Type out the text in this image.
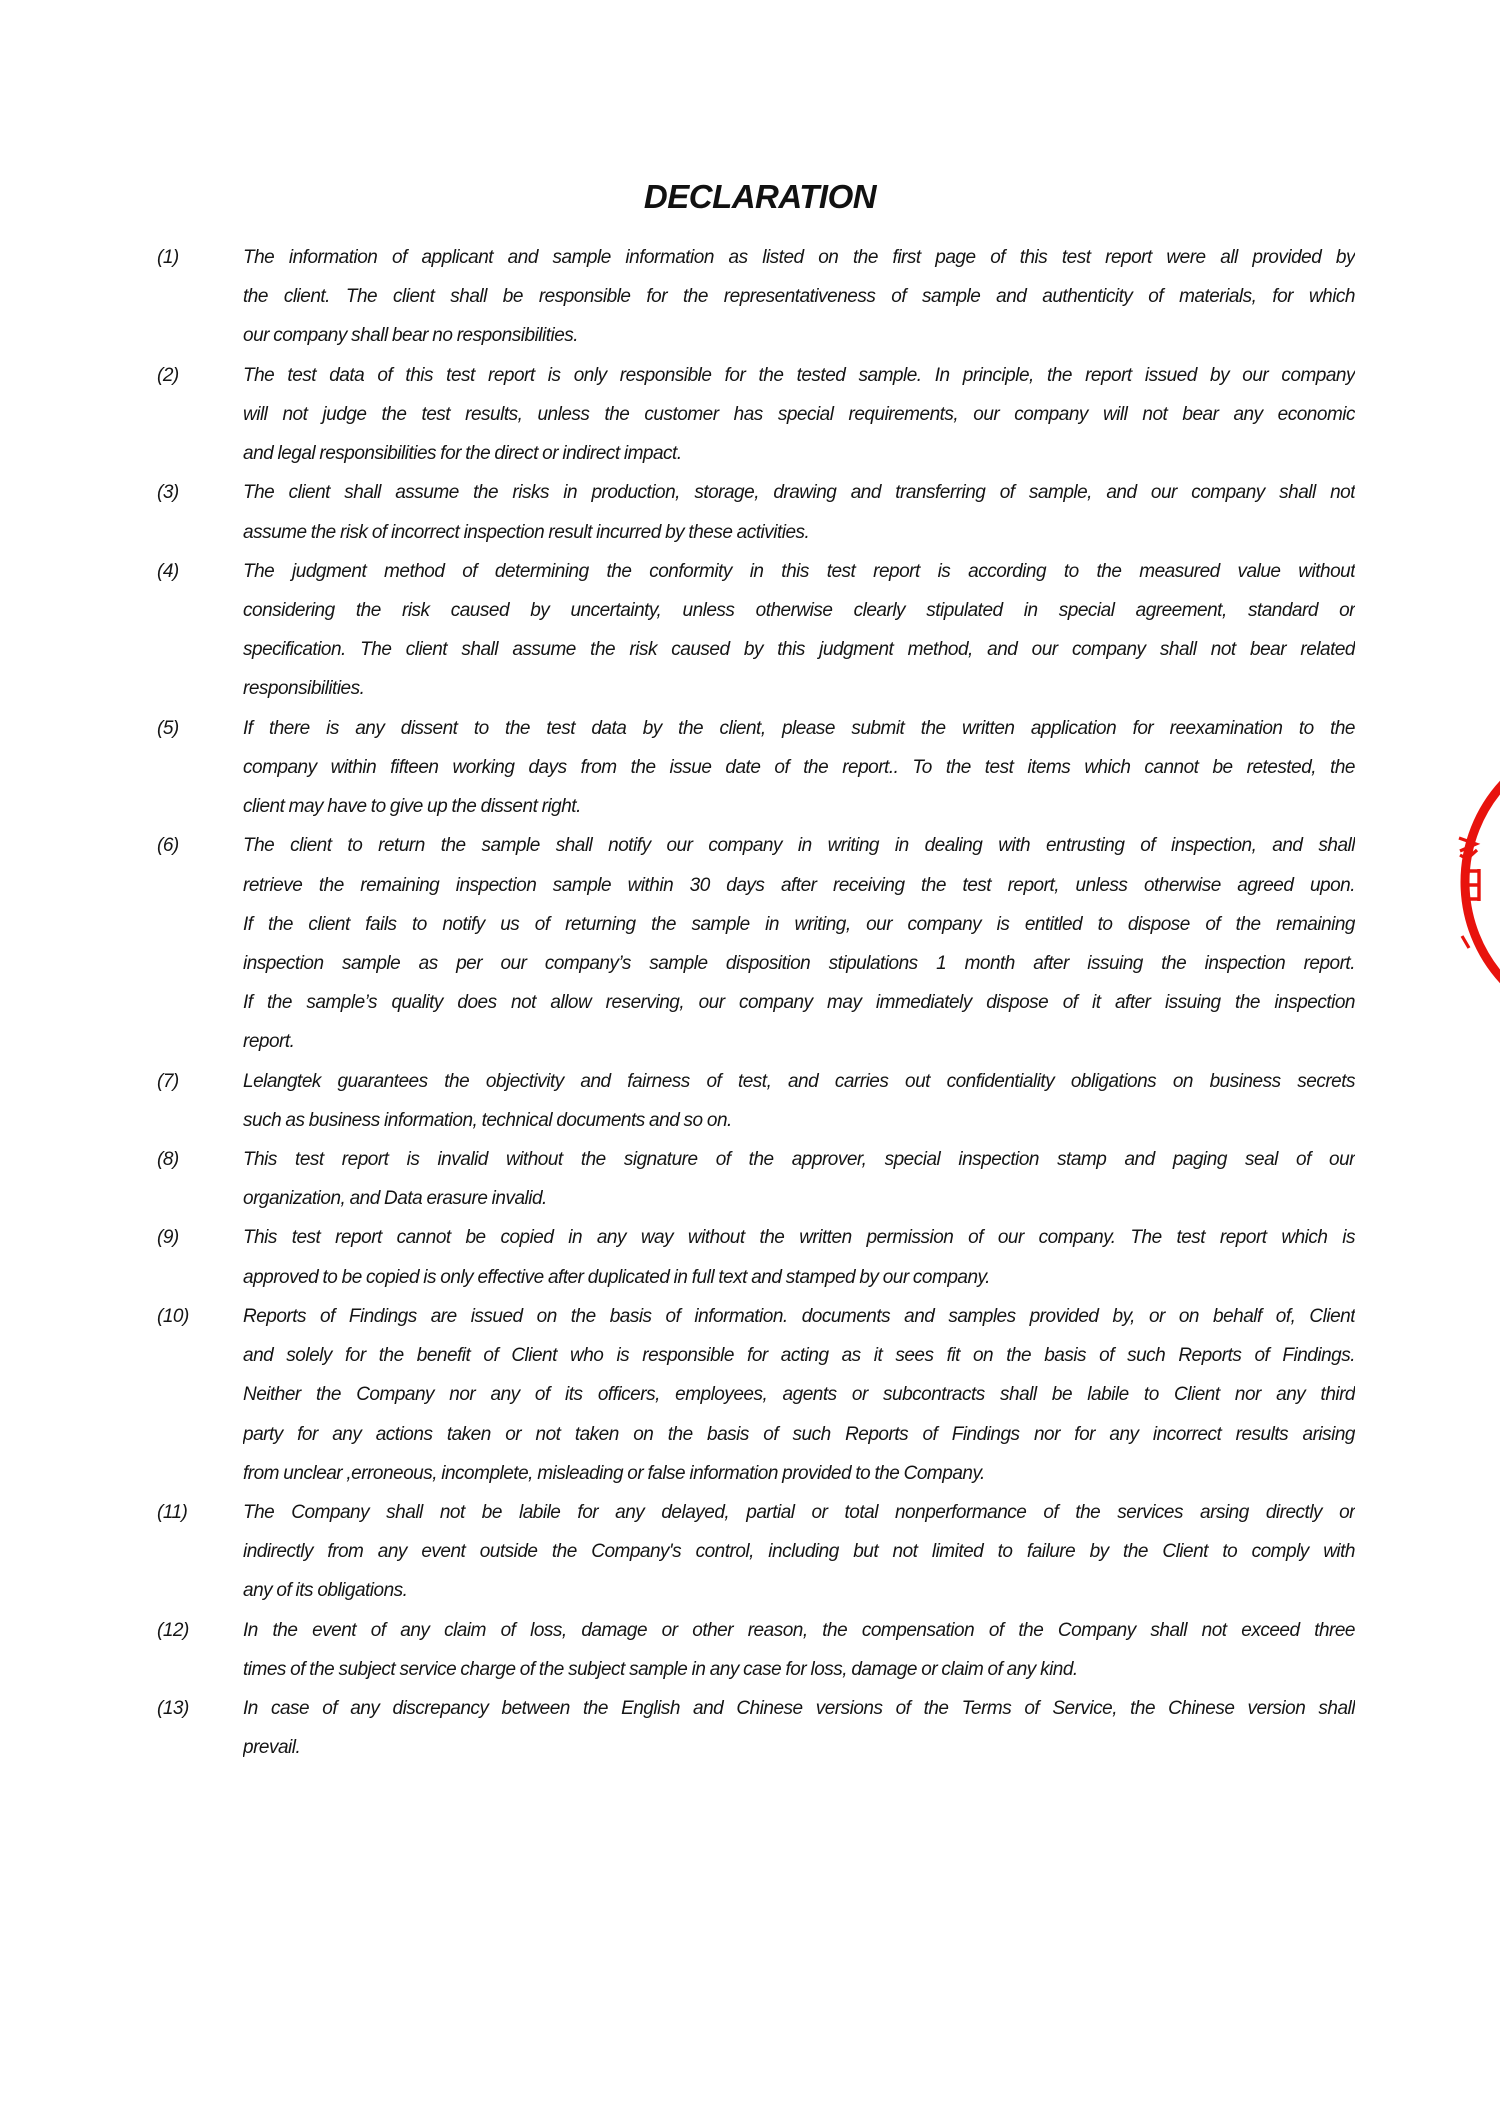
DECLARATION
(1)	The information of applicant and sample information as listed on the first page of this test report were all provided by
the client. The client shall be responsible for the representativeness of sample and authenticity of materials, for which
our company shall bear no responsibilities.
(2)	The test data of this test report is only responsible for the tested sample. In principle, the report issued by our company
will not judge the test results, unless the customer has special requirements, our company will not bear any economic
and legal responsibilities for the direct or indirect impact.
(3)	The client shall assume the risks in production, storage, drawing and transferring of sample, and our company shall not
assume the risk of incorrect inspection result incurred by these activities.
(4)	The judgment method of determining the conformity in this test report is according to the measured value without
considering the risk caused by uncertainty, unless otherwise clearly stipulated in special agreement, standard or
specification. The client shall assume the risk caused by this judgment method, and our company shall not bear related
responsibilities.
(5)	If there is any dissent to the test data by the client, please submit the written application for reexamination to the
company within fifteen working days from the issue date of the report.. To the test items which cannot be retested, the
client may have to give up the dissent right.
(6)	The client to return the sample shall notify our company in writing in dealing with entrusting of inspection, and shall
retrieve the remaining inspection sample within 30 days after receiving the test report, unless otherwise agreed upon.
If the client fails to notify us of returning the sample in writing, our company is entitled to dispose of the remaining
inspection sample as per our company’s sample disposition stipulations 1 month after issuing the inspection report.
If the sample’s quality does not allow reserving, our company may immediately dispose of it after issuing the inspection
report.
(7)	Lelangtek guarantees the objectivity and fairness of test, and carries out confidentiality obligations on business secrets
such as business information, technical documents and so on.
(8)	This test report is invalid without the signature of the approver, special inspection stamp and paging seal of our
organization, and Data erasure invalid.
(9)	This test report cannot be copied in any way without the written permission of our company. The test report which is
approved to be copied is only effective after duplicated in full text and stamped by our company.
(10)	Reports of Findings are issued on the basis of information. documents and samples provided by, or on behalf of, Client
and solely for the benefit of Client who is responsible for acting as it sees fit on the basis of such Reports of Findings.
Neither the Company nor any of its officers, employees, agents or subcontracts shall be labile to Client nor any third
party for any actions taken or not taken on the basis of such Reports of Findings nor for any incorrect results arising
from unclear ,erroneous, incomplete, misleading or false information provided to the Company.
(11)	The Company shall not be labile for any delayed, partial or total nonperformance of the services arsing directly or
indirectly from any event outside the Company's control, including but not limited to failure by the Client to comply with
any of its obligations.
(12)	In the event of any claim of loss, damage or other reason, the compensation of the Company shall not exceed three
times of the subject service charge of the subject sample in any case for loss, damage or claim of any kind.
(13)	In case of any discrepancy between the English and Chinese versions of the Terms of Service, the Chinese version shall
prevail.
